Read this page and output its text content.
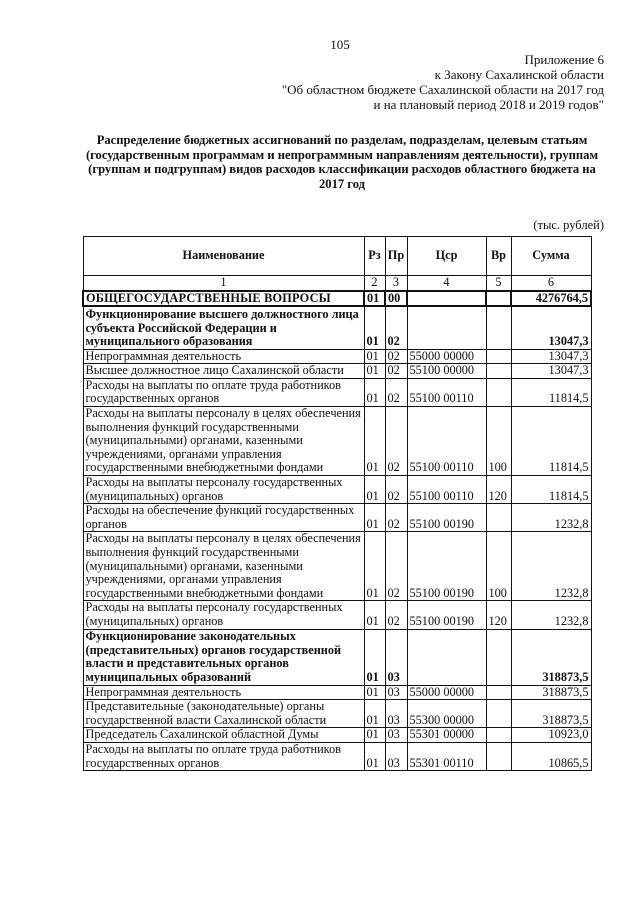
105
Приложение 6
к Закону Сахалинской области
"Об областном бюджете Сахалинской области на 2017 год
и на плановый период 2018 и 2019 годов"
Распределение бюджетных ассигнований по разделам, подразделам, целевым статьям (государственным программам и непрограммным направлениям деятельности), группам (группам и подгруппам) видов расходов классификации расходов областного бюджета на 2017 год
(тыс. рублей)
Наименование	Рз	Пр	Цср	Вр	Сумма
1	2	3	4	5	6
ОБЩЕГОСУДАРСТВЕННЫЕ ВОПРОСЫ	01	00			4276764,5
Функционирование высшего должностного лица субъекта Российской Федерации и муниципального образования	01	02			13047,3
Непрограммная деятельность	01	02	55000 00000		13047,3
Высшее должностное лицо Сахалинской области	01	02	55100 00000		13047,3
Расходы на выплаты по оплате труда работников государственных органов	01	02	55100 00110		11814,5
Расходы на выплаты персоналу в целях обеспечения выполнения функций государственными (муниципальными) органами, казенными учреждениями, органами управления государственными внебюджетными фондами	01	02	55100 00110	100	11814,5
Расходы на выплаты персоналу государственных (муниципальных) органов	01	02	55100 00110	120	11814,5
Расходы на обеспечение функций государственных органов	01	02	55100 00190		1232,8
Расходы на выплаты персоналу в целях обеспечения выполнения функций государственными (муниципальными) органами, казенными учреждениями, органами управления государственными внебюджетными фондами	01	02	55100 00190	100	1232,8
Расходы на выплаты персоналу государственных (муниципальных) органов	01	02	55100 00190	120	1232,8
Функционирование законодательных (представительных) органов государственной власти и представительных органов муниципальных образований	01	03			318873,5
Непрограммная деятельность	01	03	55000 00000		318873,5
Представительные (законодательные) органы государственной власти Сахалинской области	01	03	55300 00000		318873,5
Председатель Сахалинской областной Думы	01	03	55301 00000		10923,0
Расходы на выплаты по оплате труда работников государственных органов	01	03	55301 00110		10865,5
